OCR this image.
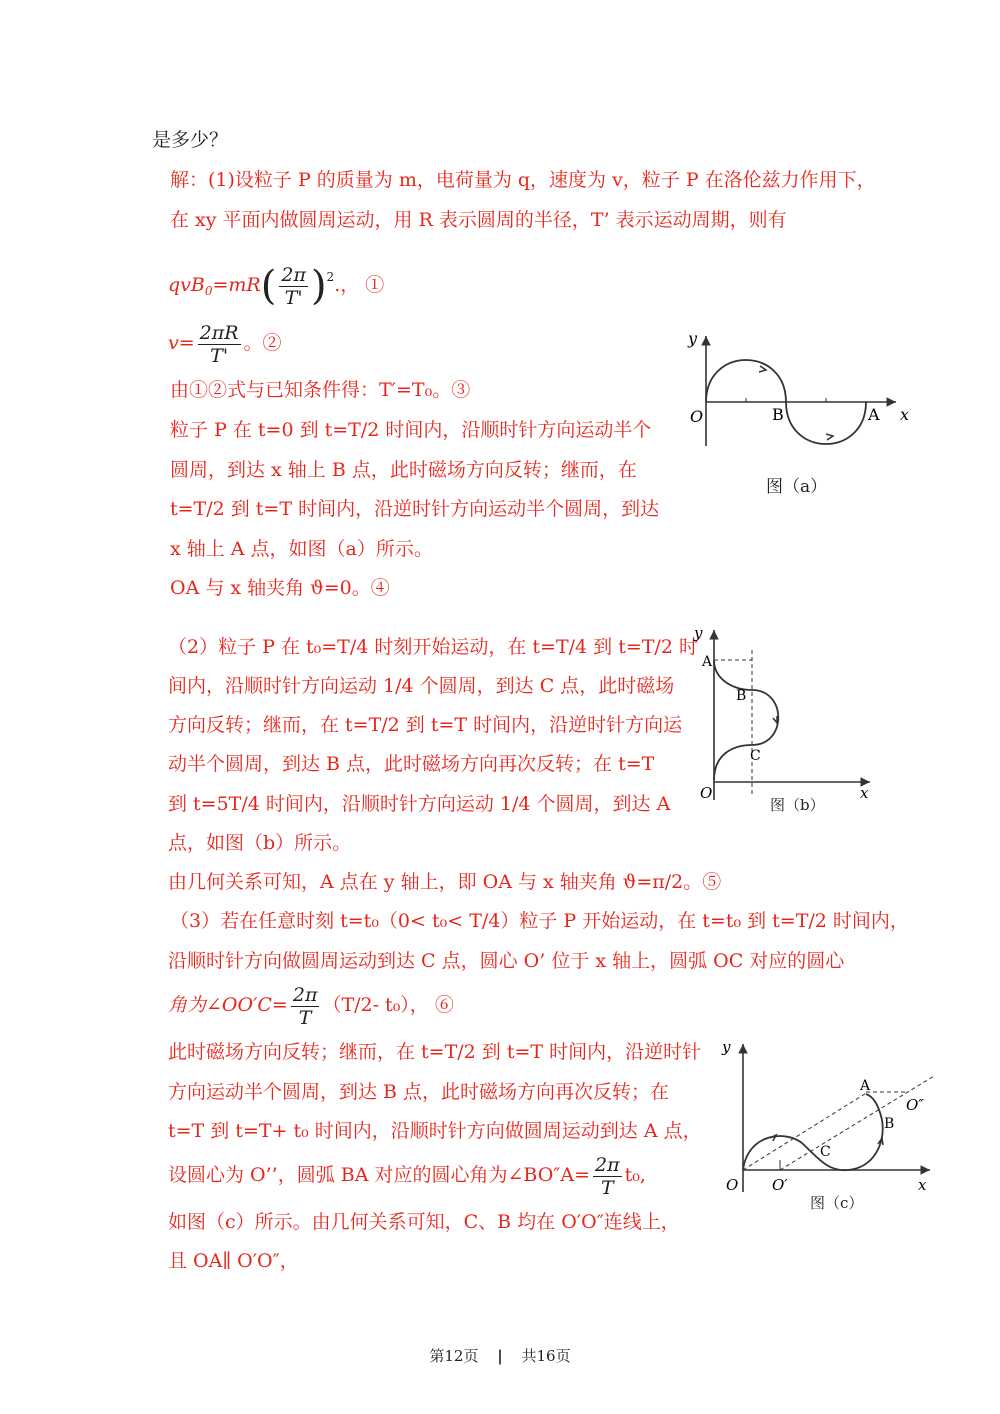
是多少？
解：(1)设粒子 P 的质量为 m，电荷量为 q，速度为 v，粒子 P 在洛伦兹力作用下，
在 xy 平面内做圆周运动，用 R 表示圆周的半径，T’ 表示运动周期，则有
$qvB_0=mR( \frac{2\pi}{T'} )^2$.， ①
$v= \frac{2\pi R}{T'}$ 。②
由①②式与已知条件得：T′=T₀。③
粒子 P 在 t=0 到 t=T/2 时间内，沿顺时针方向运动半个
圆周，到达 x 轴上 B 点，此时磁场方向反转；继而，在
t=T/2 到 t=T 时间内，沿逆时针方向运动半个圆周，到达
x 轴上 A 点，如图（a）所示。
OA 与 x 轴夹角 ϑ=0。④
y
x
O	B	A
图（a）
（2）粒子 P 在 t₀=T/4 时刻开始运动，在 t=T/4 到 t=T/2 时
间内，沿顺时针方向运动 1/4 个圆周，到达 C 点，此时磁场
方向反转；继而，在 t=T/2 到 t=T 时间内，沿逆时针方向运
动半个圆周，到达 B 点，此时磁场方向再次反转；在 t=T
到 t=5T/4 时间内，沿顺时针方向运动 1/4 个圆周，到达 A
点，如图（b）所示。
由几何关系可知，A 点在 y 轴上，即 OA 与 x 轴夹角 ϑ=π/2。⑤
y
x
O
A
B
C
图（b）
（3）若在任意时刻 t=t₀（0< t₀< T/4）粒子 P 开始运动，在 t=t₀ 到 t=T/2 时间内，
沿顺时针方向做圆周运动到达 C 点，圆心 O’ 位于 x 轴上，圆弧 OC 对应的圆心
角为∠OO′C= $\frac{2\pi}{T} (T/2-$ t₀）， ⑥
此时磁场方向反转；继而，在 t=T/2 到 t=T 时间内，沿逆时针
方向运动半个圆周，到达 B 点，此时磁场方向再次反转；在
t=T 到 t=T+ t₀ 时间内，沿顺时针方向做圆周运动到达 A 点，
设圆心为 O’’，圆弧 BA 对应的圆心角为∠BO″A= $\frac{2\pi}{T} t_0$,
如图（c）所示。由几何关系可知，C、B 均在 O′O″连线上，
且 OA∥ O′O″，
y
x
O O′
O″
A
B
C
图（c）
第12页 | 共16页
